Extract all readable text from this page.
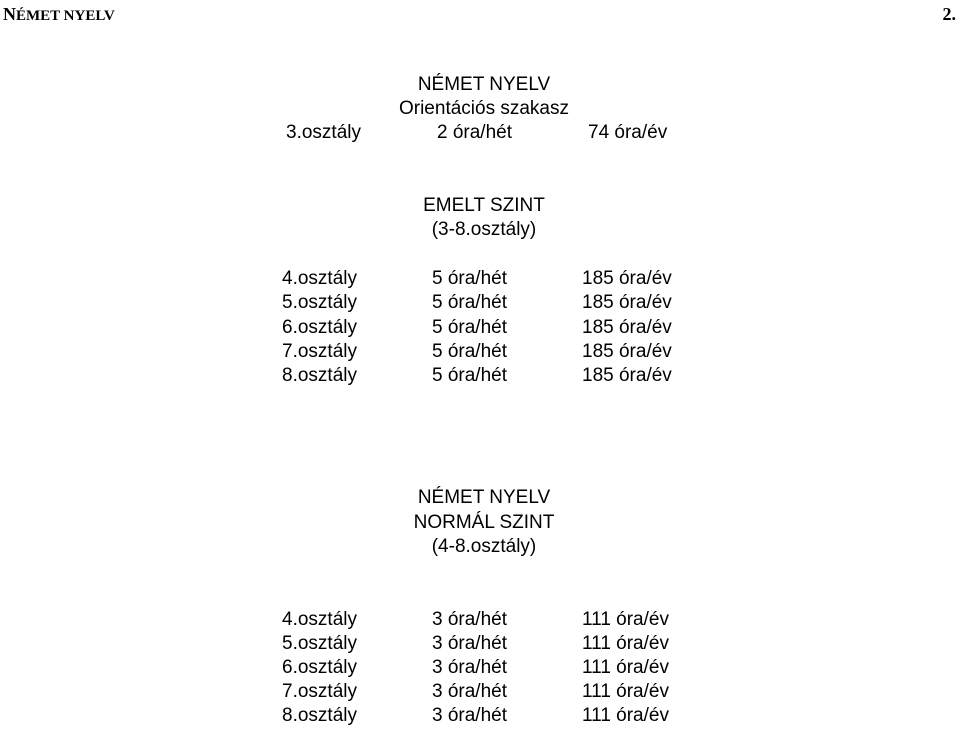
NÉMET NYELV	2.
NÉMET NYELV
Orientációs szakasz
3.osztály	2 óra/hét	74 óra/év
EMELT SZINT
(3-8.osztály)
4.osztály	5 óra/hét	185 óra/év
5.osztály	5 óra/hét	185 óra/év
6.osztály	5 óra/hét	185 óra/év
7.osztály	5 óra/hét	185 óra/év
8.osztály	5 óra/hét	185 óra/év
NÉMET NYELV
NORMÁL SZINT
(4-8.osztály)
4.osztály	3 óra/hét	111 óra/év
5.osztály	3 óra/hét	111 óra/év
6.osztály	3 óra/hét	111 óra/év
7.osztály	3 óra/hét	111 óra/év
8.osztály	3 óra/hét	111 óra/év
